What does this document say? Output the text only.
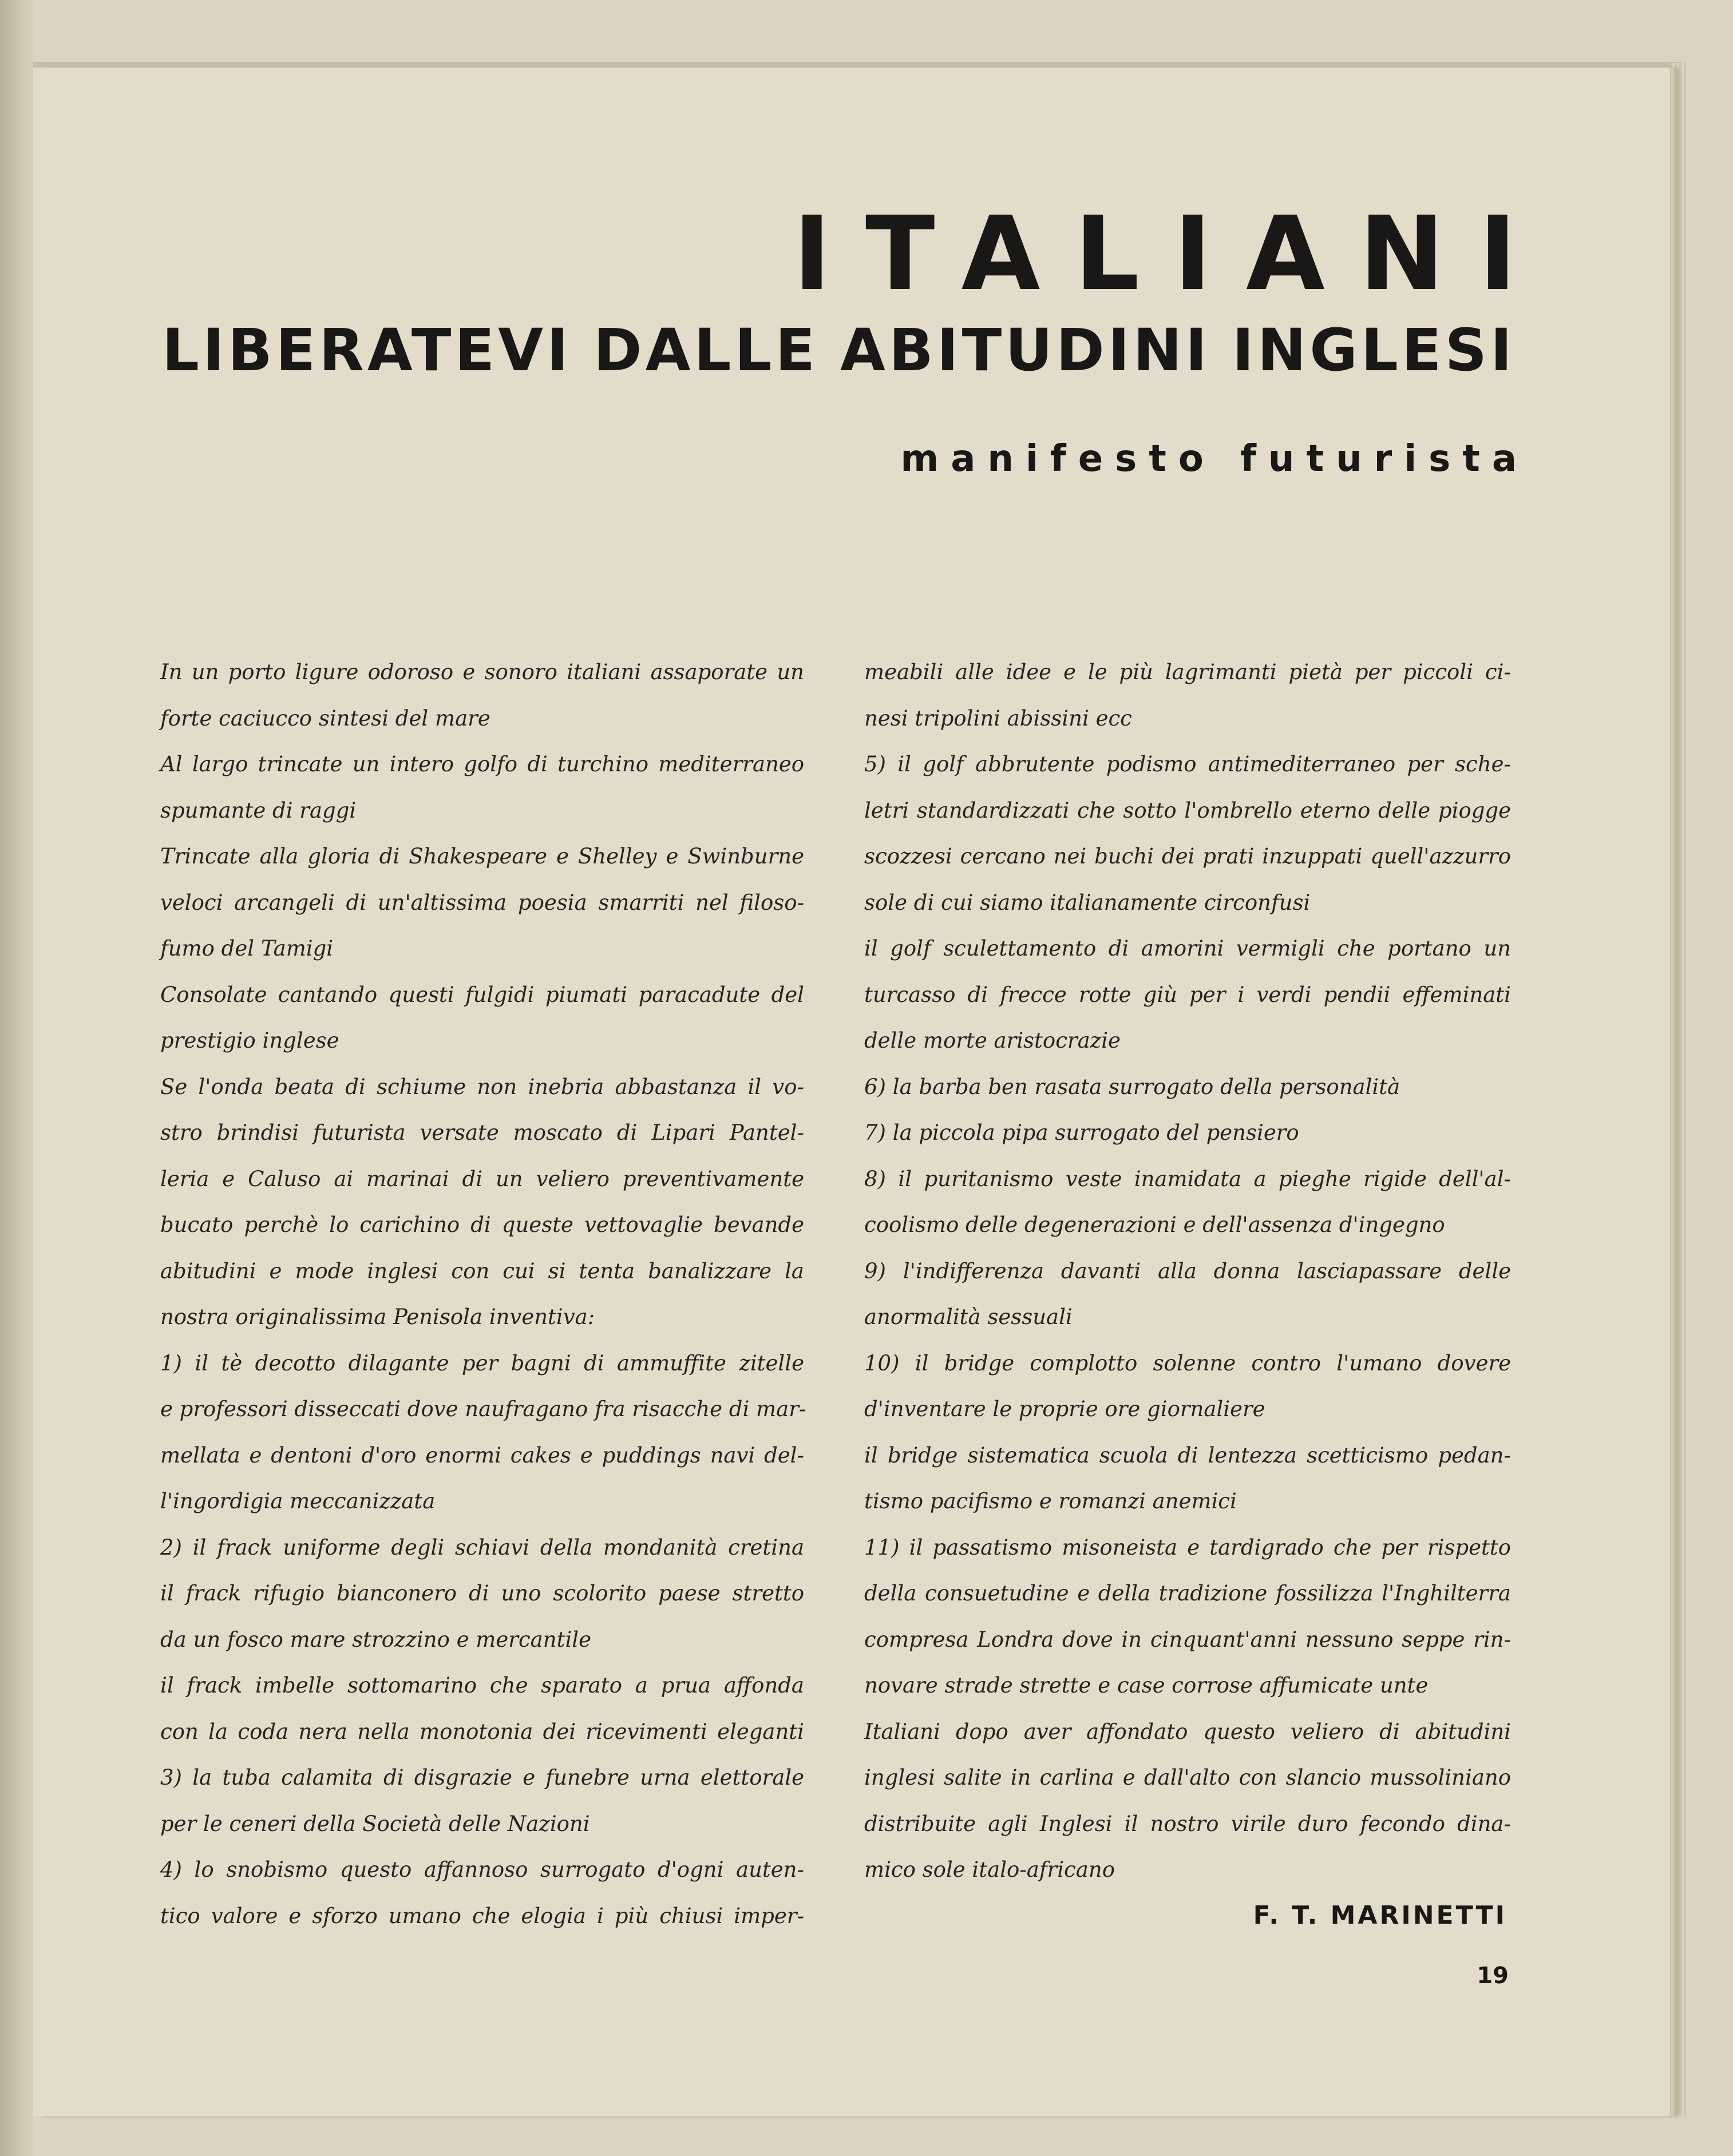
ITALIANI
LIBERATEVI DALLE ABITUDINI INGLESI
manifesto futurista
In un porto ligure odoroso e sonoro italiani assaporate un
forte caciucco sintesi del mare
Al largo trincate un intero golfo di turchino mediterraneo
spumante di raggi
Trincate alla gloria di Shakespeare e Shelley e Swinburne
veloci arcangeli di un'altissima poesia smarriti nel filoso-
fumo del Tamigi
Consolate cantando questi fulgidi piumati paracadute del
prestigio inglese
Se l'onda beata di schiume non inebria abbastanza il vo-
stro brindisi futurista versate moscato di Lipari Pantel-
leria e Caluso ai marinai di un veliero preventivamente
bucato perchè lo carichino di queste vettovaglie bevande
abitudini e mode inglesi con cui si tenta banalizzare la
nostra originalissima Penisola inventiva:
1) il tè decotto dilagante per bagni di ammuffite zitelle
e professori disseccati dove naufragano fra risacche di mar-
mellata e dentoni d'oro enormi cakes e puddings navi del-
l'ingordigia meccanizzata
2) il frack uniforme degli schiavi della mondanità cretina
il frack rifugio bianconero di uno scolorito paese stretto
da un fosco mare strozzino e mercantile
il frack imbelle sottomarino che sparato a prua affonda
con la coda nera nella monotonia dei ricevimenti eleganti
3) la tuba calamita di disgrazie e funebre urna elettorale
per le ceneri della Società delle Nazioni
4) lo snobismo questo affannoso surrogato d'ogni auten-
tico valore e sforzo umano che elogia i più chiusi imper-
meabili alle idee e le più lagrimanti pietà per piccoli ci-
nesi tripolini abissini ecc
5) il golf abbrutente podismo antimediterraneo per sche-
letri standardizzati che sotto l'ombrello eterno delle piogge
scozzesi cercano nei buchi dei prati inzuppati quell'azzurro
sole di cui siamo italianamente circonfusi
il golf sculettamento di amorini vermigli che portano un
turcasso di frecce rotte giù per i verdi pendii effeminati
delle morte aristocrazie
6) la barba ben rasata surrogato della personalità
7) la piccola pipa surrogato del pensiero
8) il puritanismo veste inamidata a pieghe rigide dell'al-
coolismo delle degenerazioni e dell'assenza d'ingegno
9) l'indifferenza davanti alla donna lasciapassare delle
anormalità sessuali
10) il bridge complotto solenne contro l'umano dovere
d'inventare le proprie ore giornaliere
il bridge sistematica scuola di lentezza scetticismo pedan-
tismo pacifismo e romanzi anemici
11) il passatismo misoneista e tardigrado che per rispetto
della consuetudine e della tradizione fossilizza l'Inghilterra
compresa Londra dove in cinquant'anni nessuno seppe rin-
novare strade strette e case corrose affumicate unte
Italiani dopo aver affondato questo veliero di abitudini
inglesi salite in carlina e dall'alto con slancio mussoliniano
distribuite agli Inglesi il nostro virile duro fecondo dina-
mico sole italo-africano
F. T. MARINETTI
19
